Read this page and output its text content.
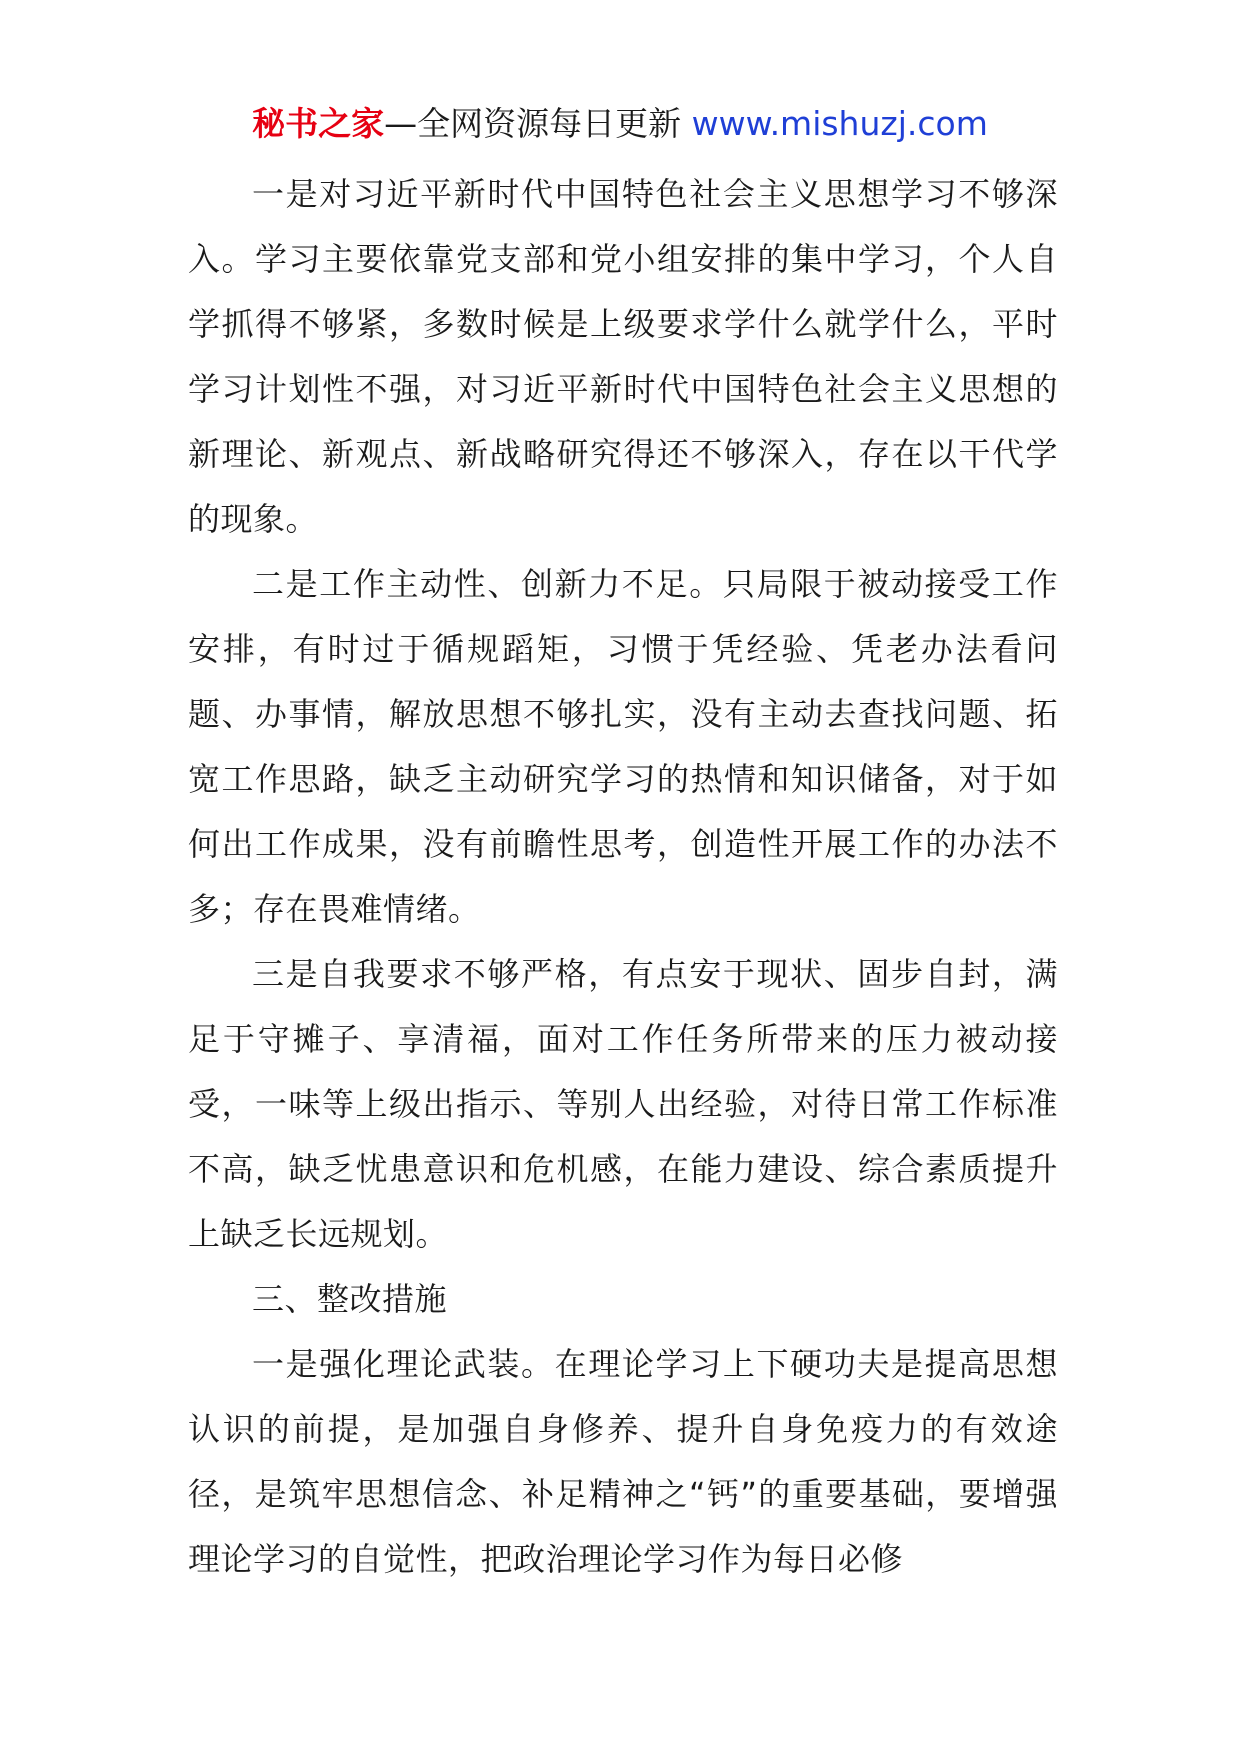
秘书之家—全网资源每日更新 www.mishuzj.com

一是对习近平新时代中国特色社会主义思想学习不够深入。学习主要依靠党支部和党小组安排的集中学习，个人自学抓得不够紧，多数时候是上级要求学什么就学什么，平时学习计划性不强，对习近平新时代中国特色社会主义思想的新理论、新观点、新战略研究得还不够深入，存在以干代学的现象。

二是工作主动性、创新力不足。只局限于被动接受工作安排，有时过于循规蹈矩，习惯于凭经验、凭老办法看问题、办事情，解放思想不够扎实，没有主动去查找问题、拓宽工作思路，缺乏主动研究学习的热情和知识储备，对于如何出工作成果，没有前瞻性思考，创造性开展工作的办法不多；存在畏难情绪。

三是自我要求不够严格，有点安于现状、固步自封，满足于守摊子、享清福，面对工作任务所带来的压力被动接受，一味等上级出指示、等别人出经验，对待日常工作标准不高，缺乏忧患意识和危机感，在能力建设、综合素质提升上缺乏长远规划。

三、整改措施

一是强化理论武装。在理论学习上下硬功夫是提高思想认识的前提，是加强自身修养、提升自身免疫力的有效途径，是筑牢思想信念、补足精神之“钙”的重要基础，要增强理论学习的自觉性，把政治理论学习作为每日必修
